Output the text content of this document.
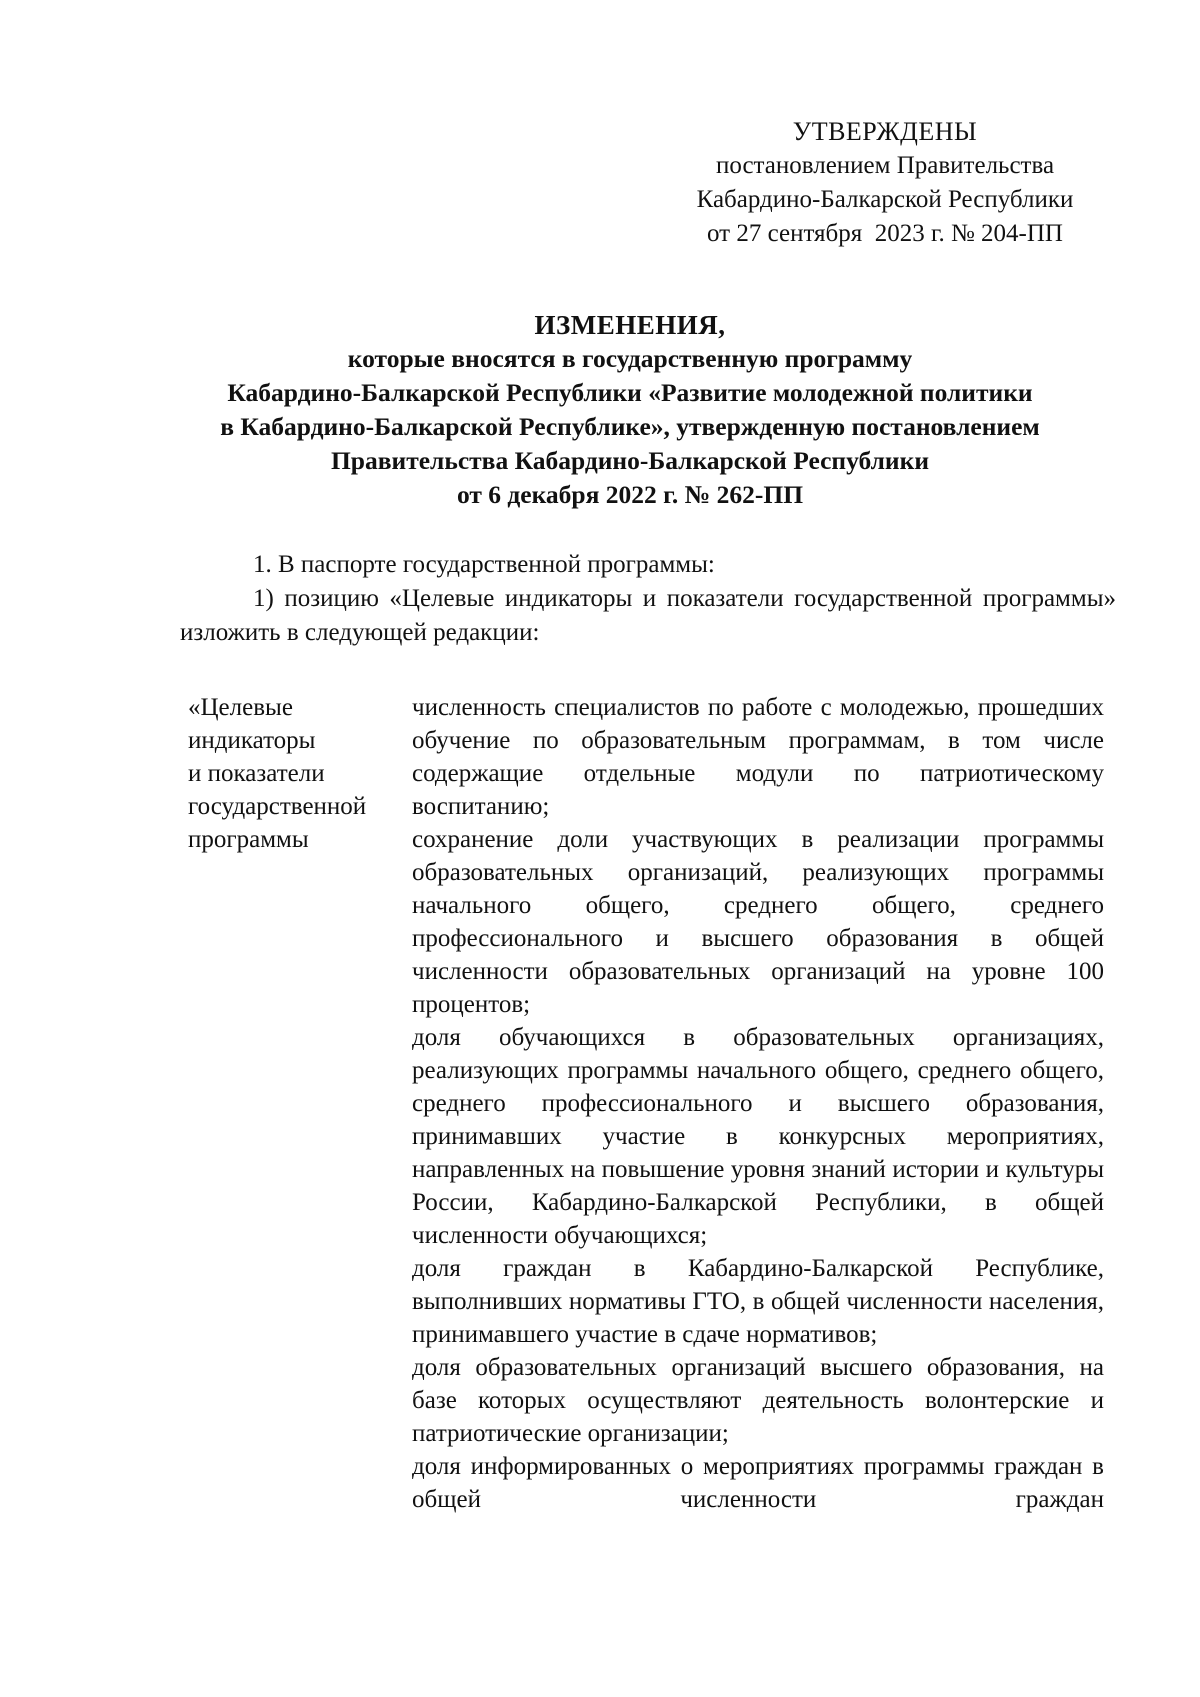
УТВЕРЖДЕНЫ
постановлением Правительства
Кабардино-Балкарской Республики
от 27 сентября  2023 г. № 204-ПП
ИЗМЕНЕНИЯ,
которые вносятся в государственную программу
Кабардино-Балкарской Республики «Развитие молодежной политики
в Кабардино-Балкарской Республике», утвержденную постановлением
Правительства Кабардино-Балкарской Республики
от 6 декабря 2022 г. № 262-ПП

1. В паспорте государственной программы:

1) позицию «Целевые индикаторы и показатели государственной программы» изложить в следующей редакции:

«Целевые
индикаторы
и показатели
государственной
программы

численность специалистов по работе с молодежью, прошедших обучение по образовательным программам, в том числе содержащие отдельные модули по патриотическому воспитанию;

сохранение доли участвующих в реализации программы образовательных организаций, реализующих программы начального общего, среднего общего, среднего профессионального и высшего образования в общей численности образовательных организаций на уровне 100 процентов;

доля обучающихся в образовательных организациях, реализующих программы начального общего, среднего общего, среднего профессионального и высшего образования, принимавших участие в конкурсных мероприятиях, направленных на повышение уровня знаний истории и культуры России, Кабардино-Балкарской Республики, в общей численности обучающихся;

доля граждан в Кабардино-Балкарской Республике, выполнивших нормативы ГТО, в общей численности населения, принимавшего участие в сдаче нормативов;

доля образовательных организаций высшего образования, на базе которых осуществляют деятельность волонтерские и патриотические организации;

доля информированных о мероприятиях программы граждан в общей численности граждан
